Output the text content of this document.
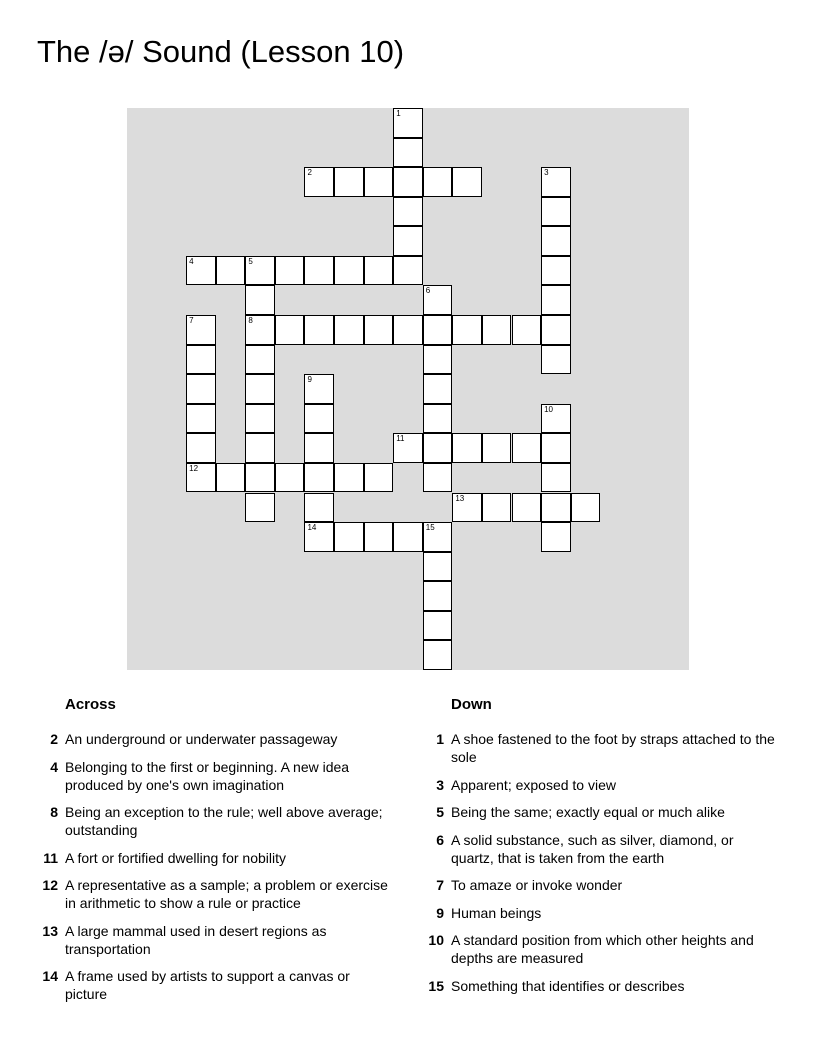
The /ə/ Sound (Lesson 10)
1
2	3
4	5
6
7	8
9
10
11
12
13
14	15
Across
2 An underground or underwater passageway
4 Belonging to the first or beginning. A new idea produced by one's own imagination
8 Being an exception to the rule; well above average; outstanding
11 A fort or fortified dwelling for nobility
12 A representative as a sample; a problem or exercise in arithmetic to show a rule or practice
13 A large mammal used in desert regions as transportation
14 A frame used by artists to support a canvas or picture
Down
1 A shoe fastened to the foot by straps attached to the sole
3 Apparent; exposed to view
5 Being the same; exactly equal or much alike
6 A solid substance, such as silver, diamond, or quartz, that is taken from the earth
7 To amaze or invoke wonder
9 Human beings
10 A standard position from which other heights and depths are measured
15 Something that identifies or describes
